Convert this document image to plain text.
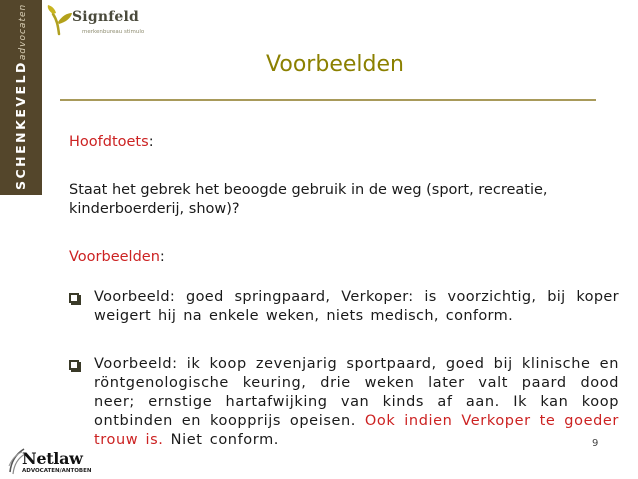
SCHENKEVELDadvocaten	Signfeld
merkenbureau stimulo
Voorbeelden
Hoofdtoets:
Staat het gebrek het beoogde gebruik in de weg (sport, recreatie, kinderboerderij, show)?
Voorbeelden:
Voorbeeld: goed springpaard, Verkoper: is voorzichtig, bij koper weigert hij na enkele weken, niets medisch, conform.
Voorbeeld: ik koop zevenjarig sportpaard, goed bij klinische en röntgenologische keuring, drie weken later valt paard dood neer; ernstige hartafwijking van kinds af aan. Ik kan koop ontbinden en koopprijs opeisen. Ook indien Verkoper te goeder trouw is. Niet conform.	9
Netlaw
ADVOCATEN/ANTOBEN
